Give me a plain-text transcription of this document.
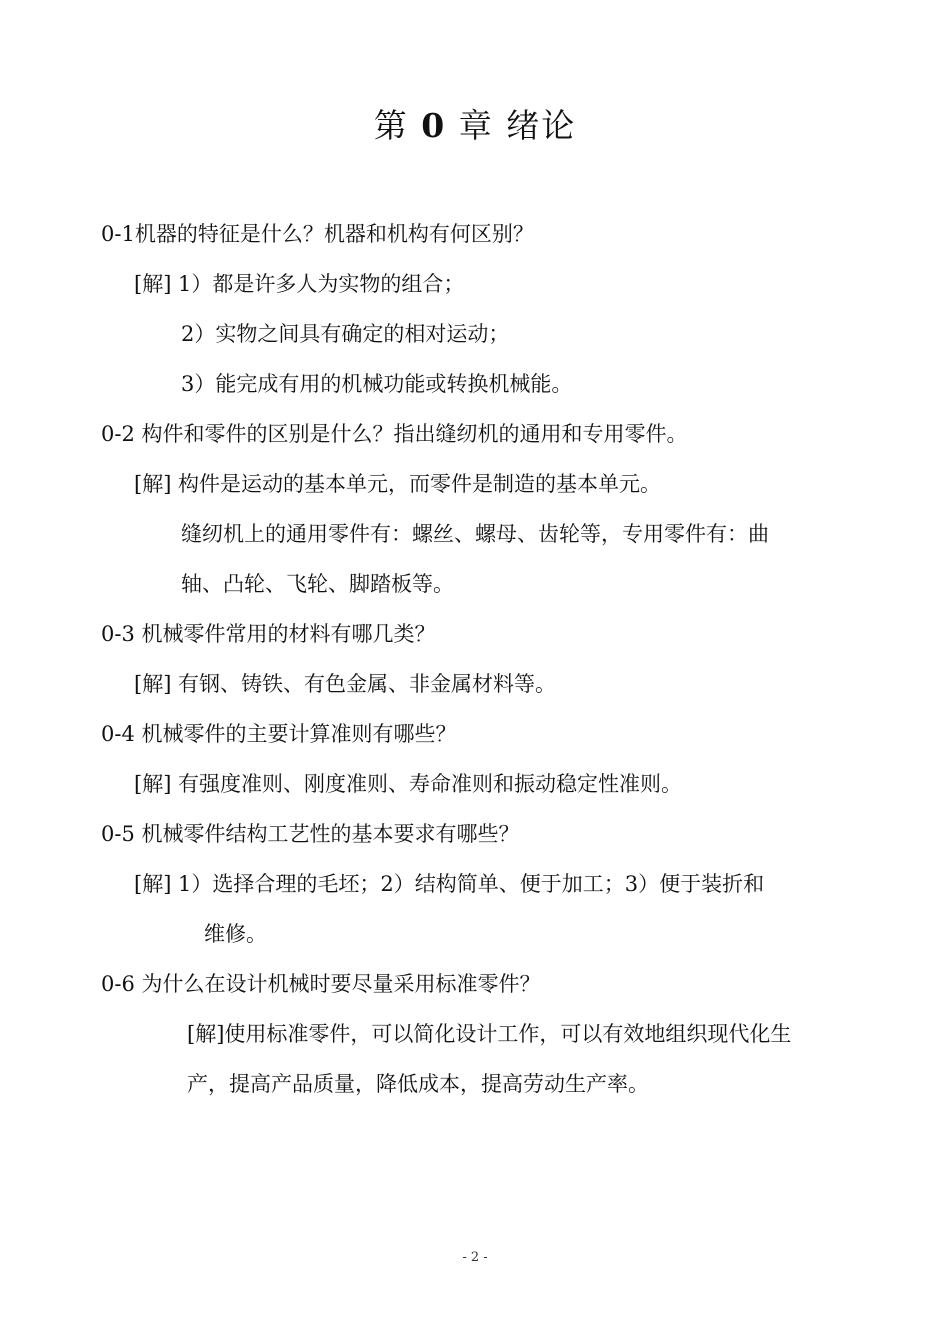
第 0 章 绪论
0-1机器的特征是什么？机器和机构有何区别？
[解] 1）都是许多人为实物的组合；
2）实物之间具有确定的相对运动；
3）能完成有用的机械功能或转换机械能。
0-2 构件和零件的区别是什么？指出缝纫机的通用和专用零件。
[解] 构件是运动的基本单元，而零件是制造的基本单元。
缝纫机上的通用零件有：螺丝、螺母、齿轮等，专用零件有：曲
轴、凸轮、飞轮、脚踏板等。
0-3 机械零件常用的材料有哪几类？
[解] 有钢、铸铁、有色金属、非金属材料等。
0-4 机械零件的主要计算准则有哪些？
[解] 有强度准则、刚度准则、寿命准则和振动稳定性准则。
0-5 机械零件结构工艺性的基本要求有哪些？
[解] 1）选择合理的毛坯；2）结构简单、便于加工；3）便于装折和
维修。
0-6 为什么在设计机械时要尽量采用标准零件？
[解]使用标准零件，可以简化设计工作，可以有效地组织现代化生
产，提高产品质量，降低成本，提高劳动生产率。
- 2 -
